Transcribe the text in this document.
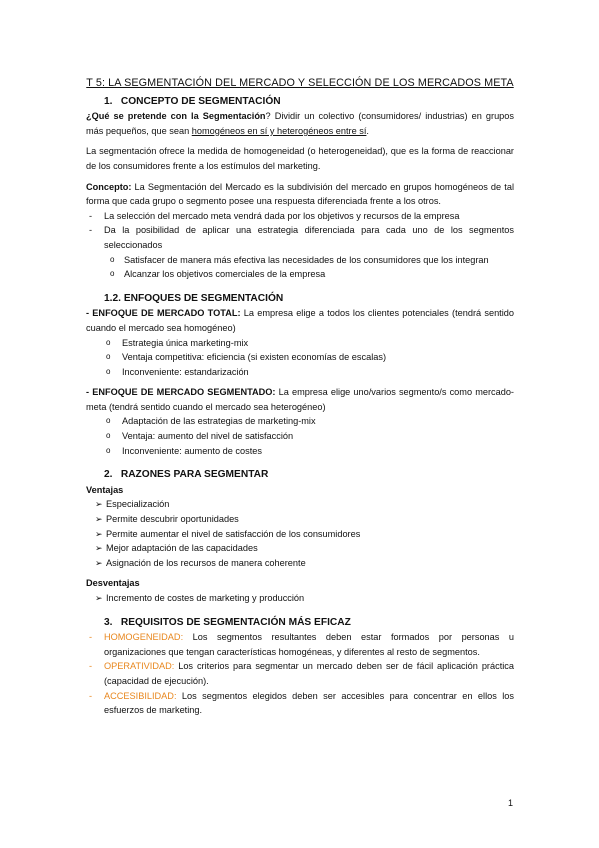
T 5: LA SEGMENTACIÓN DEL MERCADO Y SELECCIÓN DE LOS MERCADOS META
1. CONCEPTO DE SEGMENTACIÓN

¿Qué se pretende con la Segmentación? Dividir un colectivo (consumidores/ industrias) en grupos más pequeños, que sean homogéneos en sí y heterogéneos entre sí.

La segmentación ofrece la medida de homogeneidad (o heterogeneidad), que es la forma de reaccionar de los consumidores frente a los estímulos del marketing.

Concepto: La Segmentación del Mercado es la subdivisión del mercado en grupos homogéneos de tal forma que cada grupo o segmento posee una respuesta diferenciada frente a los otros.

- La selección del mercado meta vendrá dada por los objetivos y recursos de la empresa
- Da la posibilidad de aplicar una estrategia diferenciada para cada uno de los segmentos seleccionados
o Satisfacer de manera más efectiva las necesidades de los consumidores que los integran
o Alcanzar los objetivos comerciales de la empresa
1.2. ENFOQUES DE SEGMENTACIÓN

- ENFOQUE DE MERCADO TOTAL: La empresa elige a todos los clientes potenciales (tendrá sentido cuando el mercado sea homogéneo)

o Estrategia única marketing-mix
o Ventaja competitiva: eficiencia (si existen economías de escalas)
o Inconveniente: estandarización

- ENFOQUE DE MERCADO SEGMENTADO: La empresa elige uno/varios segmento/s como mercado-meta (tendrá sentido cuando el mercado sea heterogéneo)

o Adaptación de las estrategias de marketing-mix
o Ventaja: aumento del nivel de satisfacción
o Inconveniente: aumento de costes
2. RAZONES PARA SEGMENTAR
Ventajas
➢ Especialización
➢ Permite descubrir oportunidades
➢ Permite aumentar el nivel de satisfacción de los consumidores
➢ Mejor adaptación de las capacidades
➢ Asignación de los recursos de manera coherente
Desventajas
➢ Incremento de costes de marketing y producción
3. REQUISITOS DE SEGMENTACIÓN MÁS EFICAZ
- HOMOGENEIDAD: Los segmentos resultantes deben estar formados por personas u organizaciones que tengan características homogéneas, y diferentes al resto de segmentos.
- OPERATIVIDAD: Los criterios para segmentar un mercado deben ser de fácil aplicación práctica (capacidad de ejecución).
- ACCESIBILIDAD: Los segmentos elegidos deben ser accesibles para concentrar en ellos los esfuerzos de marketing.
1
